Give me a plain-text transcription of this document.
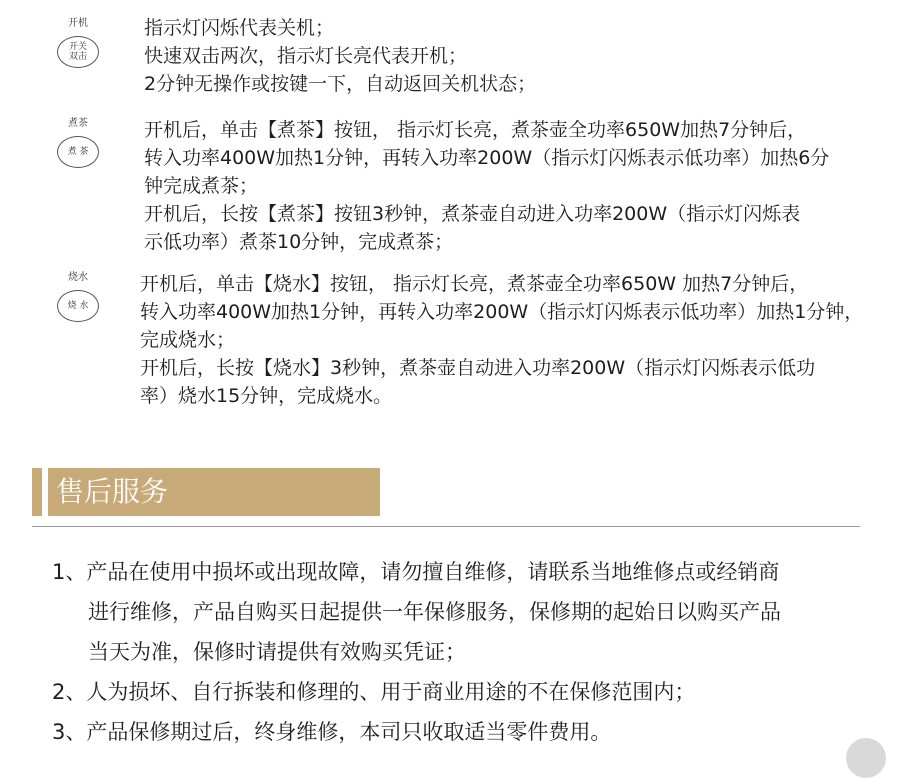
开机
开关
双击
指示灯闪烁代表关机；
快速双击两次，指示灯长亮代表开机；
2分钟无操作或按键一下，自动返回关机状态；
煮茶
煮 茶
开机后，单击【煮茶】按钮， 指示灯长亮，煮茶壶全功率650W加热7分钟后，
转入功率400W加热1分钟，再转入功率200W（指示灯闪烁表示低功率）加热6分
钟完成煮茶；
开机后，长按【煮茶】按钮3秒钟，煮茶壶自动进入功率200W（指示灯闪烁表
示低功率）煮茶10分钟，完成煮茶；
烧水
烧 水
开机后，单击【烧水】按钮， 指示灯长亮，煮茶壶全功率650W 加热7分钟后，
转入功率400W加热1分钟，再转入功率200W（指示灯闪烁表示低功率）加热1分钟，
完成烧水；
开机后，长按【烧水】3秒钟，煮茶壶自动进入功率200W（指示灯闪烁表示低功
率）烧水15分钟，完成烧水。
售后服务
1、产品在使用中损坏或出现故障，请勿擅自维修，请联系当地维修点或经销商
进行维修，产品自购买日起提供一年保修服务，保修期的起始日以购买产品
当天为准，保修时请提供有效购买凭证；
2、人为损坏、自行拆装和修理的、用于商业用途的不在保修范围内；
3、产品保修期过后，终身维修，本司只收取适当零件费用。
